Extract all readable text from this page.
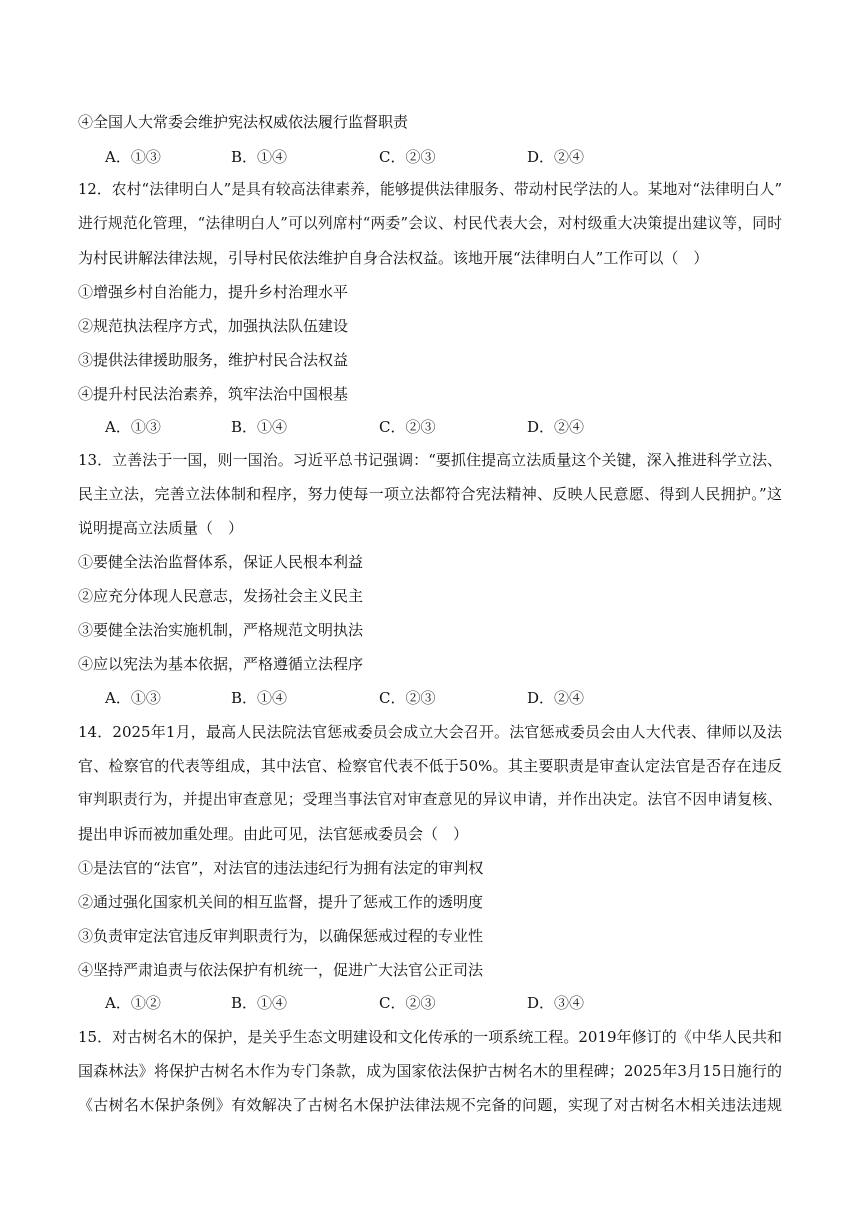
④全国人大常委会维护宪法权威依法履行监督职责
A．①③	B．①④	C．②③	D．②④
12．农村“法律明白人”是具有较高法律素养，能够提供法律服务、带动村民学法的人。某地对“法律明白人”
进行规范化管理，“法律明白人”可以列席村“两委”会议、村民代表大会，对村级重大决策提出建议等，同时
为村民讲解法律法规，引导村民依法维护自身合法权益。该地开展“法律明白人”工作可以（　）
①增强乡村自治能力，提升乡村治理水平
②规范执法程序方式，加强执法队伍建设
③提供法律援助服务，维护村民合法权益
④提升村民法治素养，筑牢法治中国根基
A．①③	B．①④	C．②③	D．②④
13．立善法于一国，则一国治。习近平总书记强调：“要抓住提高立法质量这个关键，深入推进科学立法、
民主立法，完善立法体制和程序，努力使每一项立法都符合宪法精神、反映人民意愿、得到人民拥护。”这
说明提高立法质量（　）
①要健全法治监督体系，保证人民根本利益
②应充分体现人民意志，发扬社会主义民主
③要健全法治实施机制，严格规范文明执法
④应以宪法为基本依据，严格遵循立法程序
A．①③	B．①④	C．②③	D．②④
14．2025年1月，最高人民法院法官惩戒委员会成立大会召开。法官惩戒委员会由人大代表、律师以及法
官、检察官的代表等组成，其中法官、检察官代表不低于50%。其主要职责是审查认定法官是否存在违反
审判职责行为，并提出审查意见；受理当事法官对审查意见的异议申请，并作出决定。法官不因申请复核、
提出申诉而被加重处理。由此可见，法官惩戒委员会（　）
①是法官的“法官”，对法官的违法违纪行为拥有法定的审判权
②通过强化国家机关间的相互监督，提升了惩戒工作的透明度
③负责审定法官违反审判职责行为，以确保惩戒过程的专业性
④坚持严肃追责与依法保护有机统一，促进广大法官公正司法
A．①②	B．①④	C．②③	D．③④
15．对古树名木的保护，是关乎生态文明建设和文化传承的一项系统工程。2019年修订的《中华人民共和
国森林法》将保护古树名木作为专门条款，成为国家依法保护古树名木的里程碑；2025年3月15日施行的
《古树名木保护条例》有效解决了古树名木保护法律法规不完备的问题，实现了对古树名木相关违法违规
